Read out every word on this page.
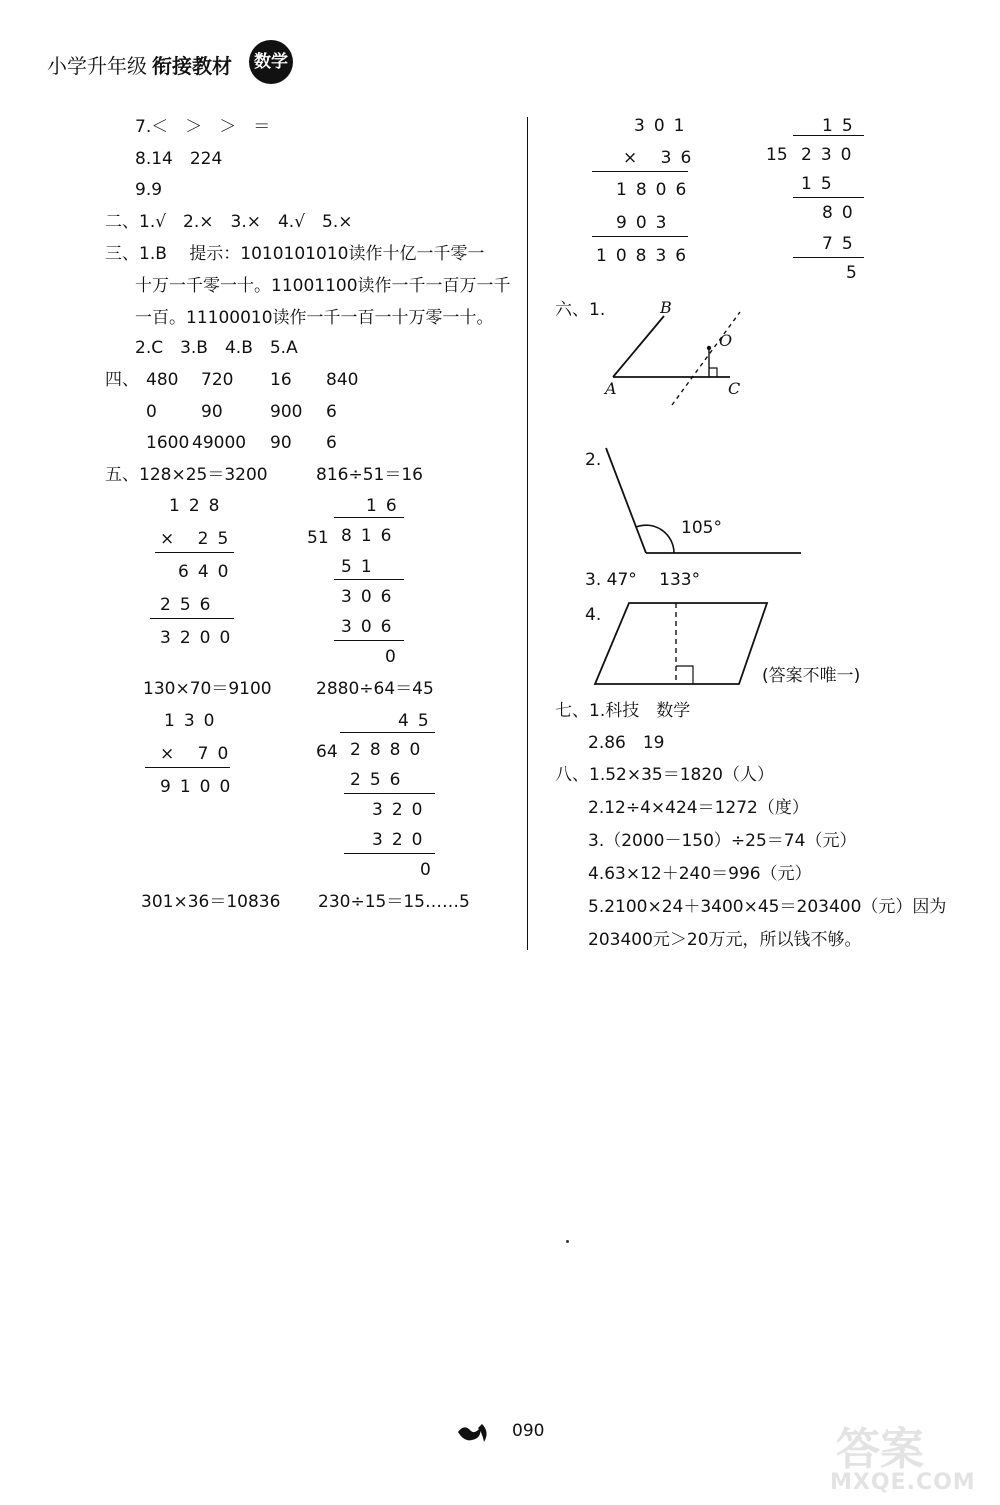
小学升年级 衔接教材 数学
7.＜　＞　＞　＝
8.14　224
9.9
二、1.√　2.×　3.×　4.√　5.×
三、1.B　 提示：1010101010读作十亿一千零一
十万一千零一十。11001100读作一千一百万一千
一百。11100010读作一千一百一十万零一十。
2.C　3.B　4.B　5.A
四、 480 720 16 840
0	90	900 6
1600 49000 90 6
五、128×25＝3200	816÷51＝16
128
× 25
640
256
3200
16
51 816
51
306
306
0
130×70＝9100	2880÷64＝45
130
× 70
9100
45
64 2880
256
320
320
0
301×36＝10836 230÷15＝15……5
301
× 36
1806
903
10836
15
15 230
15
80
75
5
六、1.	B
O
A	C
2.
105°
3. 47°　 133°
4.
(答案不唯一)
七、1.科技　数学
2.86　19
八、1.52×35＝1820（人）
2.12÷4×424＝1272（度）
3.（2000－150）÷25＝74（元）
4.63×12＋240＝996（元）
5.2100×24＋3400×45＝203400（元）因为
203400元＞20万元，所以钱不够。
090	答案
MXQE.COM
